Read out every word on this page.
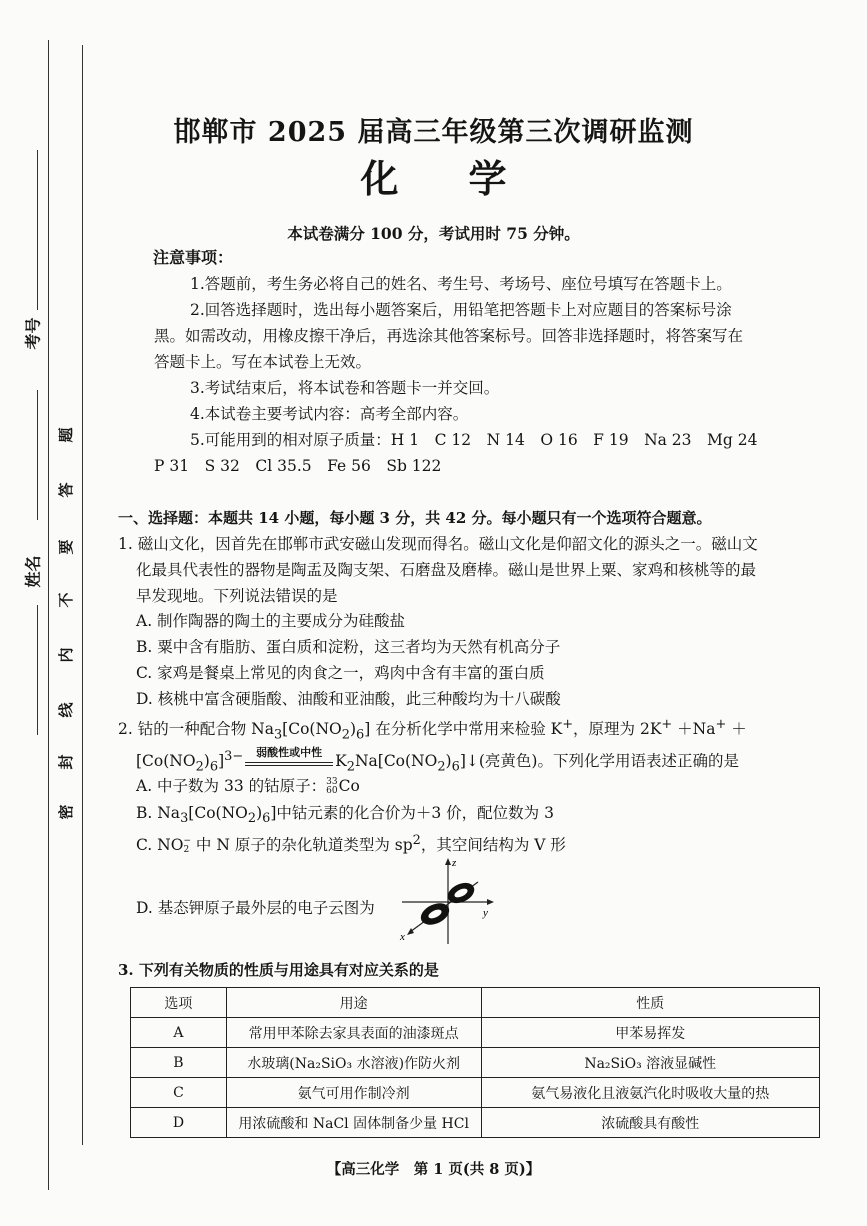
考号
姓名
密
封
线
内
不
要
答
题
邯郸市 2025 届高三年级第三次调研监测
化学
本试卷满分 100 分，考试用时 75 分钟。
注意事项：
1.答题前，考生务必将自己的姓名、考生号、考场号、座位号填写在答题卡上。
2.回答选择题时，选出每小题答案后，用铅笔把答题卡上对应题目的答案标号涂
黑。如需改动，用橡皮擦干净后，再选涂其他答案标号。回答非选择题时，将答案写在
答题卡上。写在本试卷上无效。
3.考试结束后，将本试卷和答题卡一并交回。
4.本试卷主要考试内容：高考全部内容。
5.可能用到的相对原子质量：H 1　C 12　N 14　O 16　F 19　Na 23　Mg 24
P 31　S 32　Cl 35.5　Fe 56　Sb 122
一、选择题：本题共 14 小题，每小题 3 分，共 42 分。每小题只有一个选项符合题意。
1. 磁山文化，因首先在邯郸市武安磁山发现而得名。磁山文化是仰韶文化的源头之一。磁山文
化最具代表性的器物是陶盂及陶支架、石磨盘及磨棒。磁山是世界上粟、家鸡和核桃等的最
早发现地。下列说法错误的是
A. 制作陶器的陶土的主要成分为硅酸盐
B. 粟中含有脂肪、蛋白质和淀粉，这三者均为天然有机高分子
C. 家鸡是餐桌上常见的肉食之一，鸡肉中含有丰富的蛋白质
D. 核桃中富含硬脂酸、油酸和亚油酸，此三种酸均为十八碳酸
2. 钴的一种配合物 $Na_3[Co(NO_2)_6]$ 在分析化学中常用来检验 K+，原理为 2K+ ＋Na+ ＋
$[Co(NO_2)_6]^{3-}$	弱酸性或中性 $K_2Na[Co(NO_2)_6]↓$(亮黄色)。下列化学用语表述正确的是
A. 中子数为 33 的钴原子： 33
60 Co
B. $Na_3[Co(NO_2)_6]$中钴元素的化合价为＋3 价，配位数为 3
C. NO −
2 中 N 原子的杂化轨道类型为 $sp^2$，其空间结构为 V 形
D. 基态钾原子最外层的电子云图为
z
y
x
3. 下列有关物质的性质与用途具有对应关系的是
选项	用途	性质
A	常用甲苯除去家具表面的油漆斑点	甲苯易挥发
B	水玻璃(Na₂SiO₃ 水溶液)作防火剂	Na₂SiO₃ 溶液显碱性
C	氨气可用作制冷剂	氨气易液化且液氨汽化时吸收大量的热
D	用浓硫酸和 NaCl 固体制备少量 HCl	浓硫酸具有酸性
【高三化学　第 1 页(共 8 页)】
